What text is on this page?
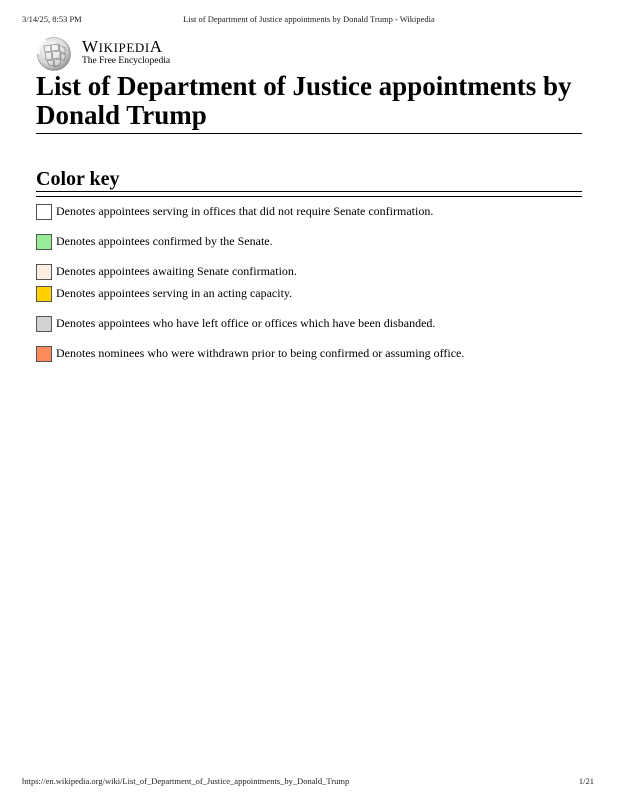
3/14/25, 8:53 PM	List of Department of Justice appointments by Donald Trump - Wikipedia
WIKIPEDIA
The Free Encyclopedia
List of Department of Justice appointments by Donald Trump
Color key
Denotes appointees serving in offices that did not require Senate confirmation.
Denotes appointees confirmed by the Senate.
Denotes appointees awaiting Senate confirmation.
Denotes appointees serving in an acting capacity.
Denotes appointees who have left office or offices which have been disbanded.
Denotes nominees who were withdrawn prior to being confirmed or assuming office.
https://en.wikipedia.org/wiki/List_of_Department_of_Justice_appointments_by_Donald_Trump	1/21
